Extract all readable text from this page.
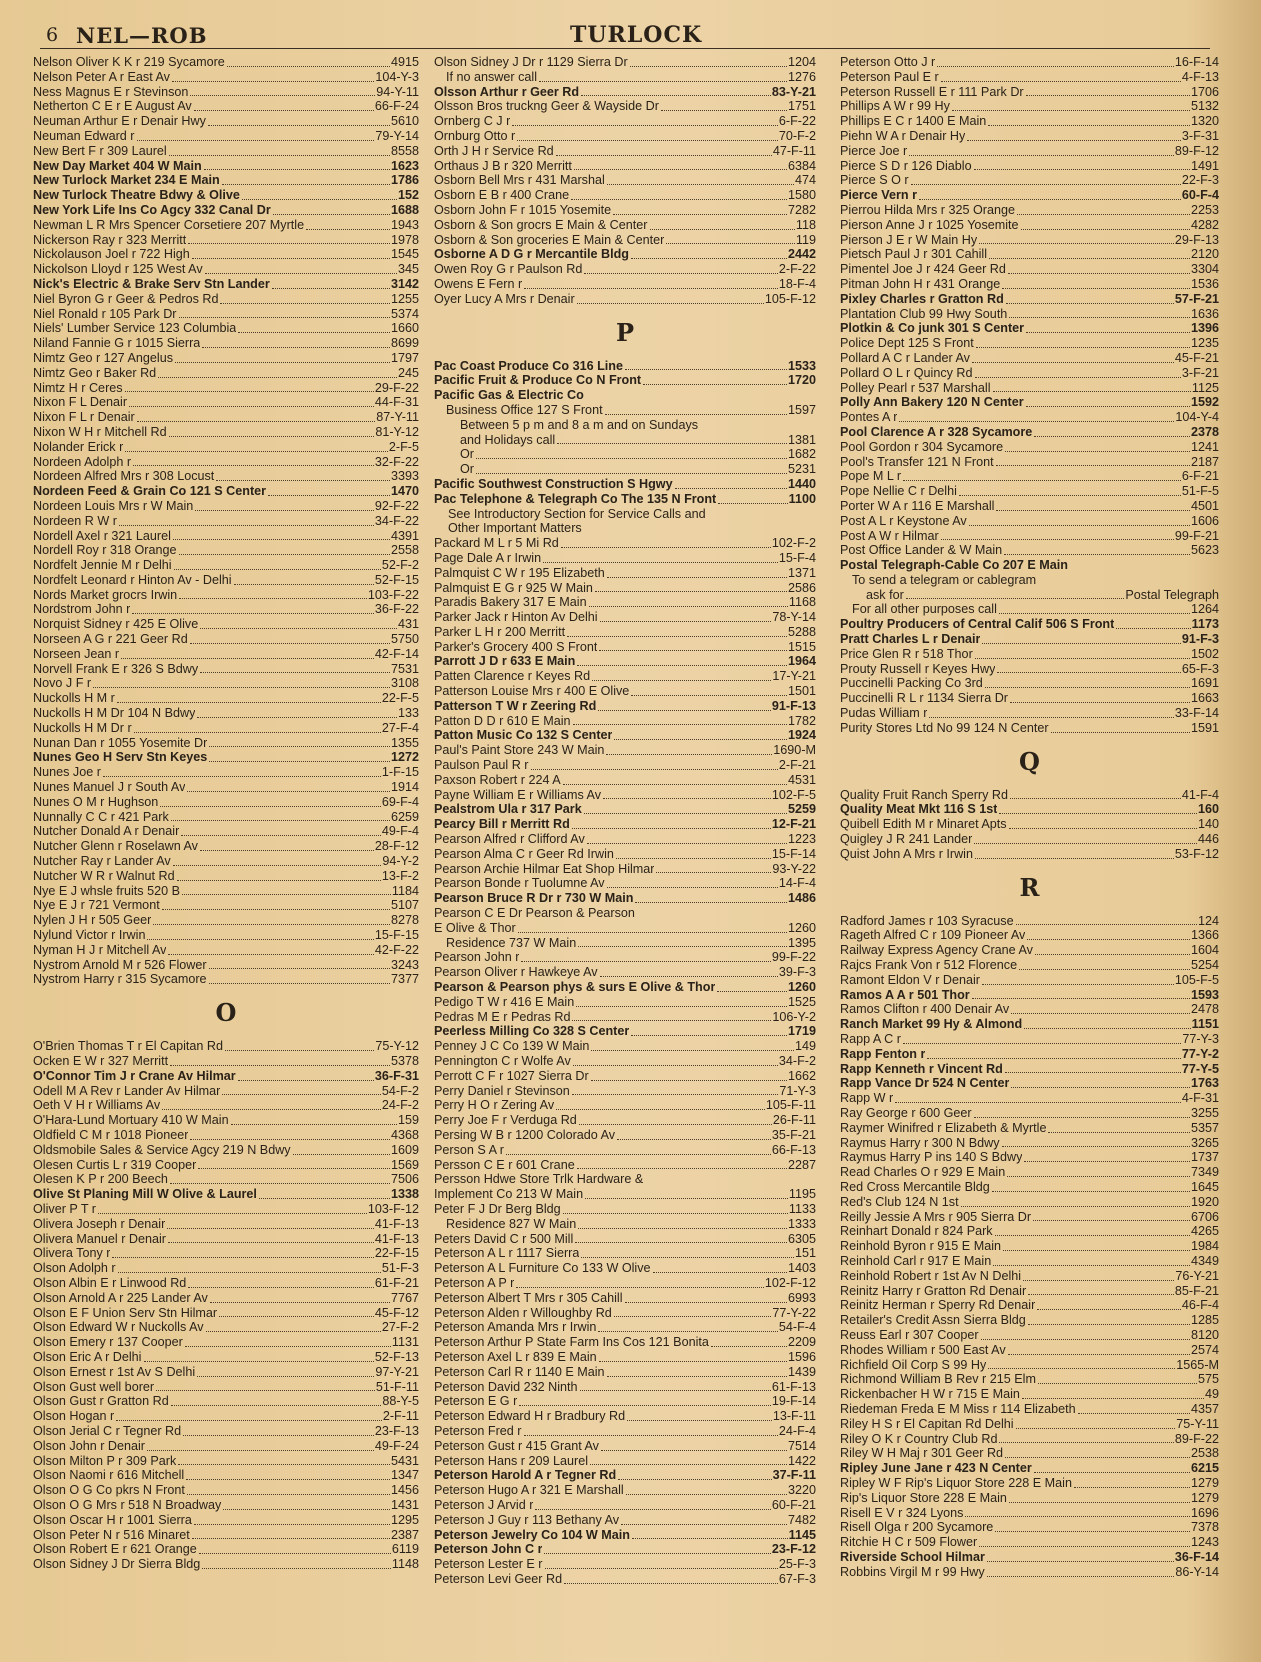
6 NEL—ROB	TURLOCK
Nelson Oliver K K r 219 Sycamore	4915
Nelson Peter A r East Av	104-Y-3
Ness Magnus E r Stevinson	94-Y-11
Netherton C E r E August Av	66-F-24
Neuman Arthur E r Denair Hwy	5610
Neuman Edward r	79-Y-14
New Bert F r 309 Laurel	8558
New Day Market 404 W Main	1623
New Turlock Market 234 E Main	1786
New Turlock Theatre Bdwy & Olive	152
New York Life Ins Co Agcy 332 Canal Dr	1688
Newman L R Mrs Spencer Corsetiere 207 Myrtle	1943
Nickerson Ray r 323 Merritt	1978
Nickolauson Joel r 722 High	1545
Nickolson Lloyd r 125 West Av	345
Nick's Electric & Brake Serv Stn Lander	3142
Niel Byron G r Geer & Pedros Rd	1255
Niel Ronald r 105 Park Dr	5374
Niels' Lumber Service 123 Columbia	1660
Niland Fannie G r 1015 Sierra	8699
Nimtz Geo r 127 Angelus	1797
Nimtz Geo r Baker Rd	245
Nimtz H r Ceres	29-F-22
Nixon F L Denair	44-F-31
Nixon F L r Denair	87-Y-11
Nixon W H r Mitchell Rd	81-Y-12
Nolander Erick r	2-F-5
Nordeen Adolph r	32-F-22
Nordeen Alfred Mrs r 308 Locust	3393
Nordeen Feed & Grain Co 121 S Center	1470
Nordeen Louis Mrs r W Main	92-F-22
Nordeen R W r	34-F-22
Nordell Axel r 321 Laurel	4391
Nordell Roy r 318 Orange	2558
Nordfelt Jennie M r Delhi	52-F-2
Nordfelt Leonard r Hinton Av - Delhi	52-F-15
Nords Market grocrs Irwin	103-F-22
Nordstrom John r	36-F-22
Norquist Sidney r 425 E Olive	431
Norseen A G r 221 Geer Rd	5750
Norseen Jean r	42-F-14
Norvell Frank E r 326 S Bdwy	7531
Novo J F r	3108
Nuckolls H M r	22-F-5
Nuckolls H M Dr 104 N Bdwy	133
Nuckolls H M Dr r	27-F-4
Nunan Dan r 1055 Yosemite Dr	1355
Nunes Geo H Serv Stn Keyes	1272
Nunes Joe r	1-F-15
Nunes Manuel J r South Av	1914
Nunes O M r Hughson	69-F-4
Nunnally C C r 421 Park	6259
Nutcher Donald A r Denair	49-F-4
Nutcher Glenn r Roselawn Av	28-F-12
Nutcher Ray r Lander Av	94-Y-2
Nutcher W R r Walnut Rd	13-F-2
Nye E J whsle fruits 520 B	1184
Nye E J r 721 Vermont	5107
Nylen J H r 505 Geer	8278
Nylund Victor r Irwin	15-F-15
Nyman H J r Mitchell Av	42-F-22
Nystrom Arnold M r 526 Flower	3243
Nystrom Harry r 315 Sycamore	7377
O
O'Brien Thomas T r El Capitan Rd	75-Y-12
Ocken E W r 327 Merritt	5378
O'Connor Tim J r Crane Av Hilmar	36-F-31
Odell M A Rev r Lander Av Hilmar	54-F-2
Oeth V H r Williams Av	24-F-2
O'Hara-Lund Mortuary 410 W Main	159
Oldfield C M r 1018 Pioneer	4368
Oldsmobile Sales & Service Agcy 219 N Bdwy	1609
Olesen Curtis L r 319 Cooper	1569
Olesen K P r 200 Beech	7506
Olive St Planing Mill W Olive & Laurel	1338
Oliver P T r	103-F-12
Olivera Joseph r Denair	41-F-13
Olivera Manuel r Denair	41-F-13
Olivera Tony r	22-F-15
Olson Adolph r	51-F-3
Olson Albin E r Linwood Rd	61-F-21
Olson Arnold A r 225 Lander Av	7767
Olson E F Union Serv Stn Hilmar	45-F-12
Olson Edward W r Nuckolls Av	27-F-2
Olson Emery r 137 Cooper	1131
Olson Eric A r Delhi	52-F-13
Olson Ernest r 1st Av S Delhi	97-Y-21
Olson Gust well borer	51-F-11
Olson Gust r Gratton Rd	88-Y-5
Olson Hogan r	2-F-11
Olson Jerial C r Tegner Rd	23-F-13
Olson John r Denair	49-F-24
Olson Milton P r 309 Park	5431
Olson Naomi r 616 Mitchell	1347
Olson O G Co pkrs N Front	1456
Olson O G Mrs r 518 N Broadway	1431
Olson Oscar H r 1001 Sierra	1295
Olson Peter N r 516 Minaret	2387
Olson Robert E r 621 Orange	6119
Olson Sidney J Dr Sierra Bldg	1148
Olson Sidney J Dr r 1129 Sierra Dr	1204
If no answer call	1276
Olsson Arthur r Geer Rd	83-Y-21
Olsson Bros truckng Geer & Wayside Dr	1751
Ornberg C J r	6-F-22
Ornburg Otto r	70-F-2
Orth J H r Service Rd	47-F-11
Orthaus J B r 320 Merritt	6384
Osborn Bell Mrs r 431 Marshal	474
Osborn E B r 400 Crane	1580
Osborn John F r 1015 Yosemite	7282
Osborn & Son grocrs E Main & Center	118
Osborn & Son groceries E Main & Center	119
Osborne A D G r Mercantile Bldg	2442
Owen Roy G r Paulson Rd	2-F-22
Owens E Fern r	18-F-4
Oyer Lucy A Mrs r Denair	105-F-12
P
Pac Coast Produce Co 316 Line	1533
Pacific Fruit & Produce Co N Front	1720
Pacific Gas & Electric Co
Business Office 127 S Front	1597
Between 5 p m and 8 a m and on Sundays
and Holidays call	1381
Or	1682
Or	5231
Pacific Southwest Construction S Hgwy	1440
Pac Telephone & Telegraph Co The 135 N Front	1100
See Introductory Section for Service Calls and
Other Important Matters
Packard M L r 5 Mi Rd	102-F-2
Page Dale A r Irwin	15-F-4
Palmquist C W r 195 Elizabeth	1371
Palmquist E G r 925 W Main	2586
Paradis Bakery 317 E Main	1168
Parker Jack r Hinton Av Delhi	78-Y-14
Parker L H r 200 Merritt	5288
Parker's Grocery 400 S Front	1515
Parrott J D r 633 E Main	1964
Patten Clarence r Keyes Rd	17-Y-21
Patterson Louise Mrs r 400 E Olive	1501
Patterson T W r Zeering Rd	91-F-13
Patton D D r 610 E Main	1782
Patton Music Co 132 S Center	1924
Paul's Paint Store 243 W Main	1690-M
Paulson Paul R r	2-F-21
Paxson Robert r 224 A	4531
Payne William E r Williams Av	102-F-5
Pealstrom Ula r 317 Park	5259
Pearcy Bill r Merritt Rd	12-F-21
Pearson Alfred r Clifford Av	1223
Pearson Alma C r Geer Rd Irwin	15-F-14
Pearson Archie Hilmar Eat Shop Hilmar	93-Y-22
Pearson Bonde r Tuolumne Av	14-F-4
Pearson Bruce R Dr r 730 W Main	1486
Pearson C E Dr Pearson & Pearson
E Olive & Thor	1260
Residence 737 W Main	1395
Pearson John r	99-F-22
Pearson Oliver r Hawkeye Av	39-F-3
Pearson & Pearson phys & surs E Olive & Thor	1260
Pedigo T W r 416 E Main	1525
Pedras M E r Pedras Rd	106-Y-2
Peerless Milling Co 328 S Center	1719
Penney J C Co 139 W Main	149
Pennington C r Wolfe Av	34-F-2
Perrott C F r 1027 Sierra Dr	1662
Perry Daniel r Stevinson	71-Y-3
Perry H O r Zering Av	105-F-11
Perry Joe F r Verduga Rd	26-F-11
Persing W B r 1200 Colorado Av	35-F-21
Person S A r	66-F-13
Persson C E r 601 Crane	2287
Persson Hdwe Store Trlk Hardware &
Implement Co 213 W Main	1195
Peter F J Dr Berg Bldg	1133
Residence 827 W Main	1333
Peters David C r 500 Mill	6305
Peterson A L r 1117 Sierra	151
Peterson A L Furniture Co 133 W Olive	1403
Peterson A P r	102-F-12
Peterson Albert T Mrs r 305 Cahill	6993
Peterson Alden r Willoughby Rd	77-Y-22
Peterson Amanda Mrs r Irwin	54-F-4
Peterson Arthur P State Farm Ins Cos 121 Bonita	2209
Peterson Axel L r 839 E Main	1596
Peterson Carl R r 1140 E Main	1439
Peterson David 232 Ninth	61-F-13
Peterson E G r	19-F-14
Peterson Edward H r Bradbury Rd	13-F-11
Peterson Fred r	24-F-4
Peterson Gust r 415 Grant Av	7514
Peterson Hans r 209 Laurel	1422
Peterson Harold A r Tegner Rd	37-F-11
Peterson Hugo A r 321 E Marshall	3220
Peterson J Arvid r	60-F-21
Peterson J Guy r 113 Bethany Av	7482
Peterson Jewelry Co 104 W Main	1145
Peterson John C r	23-F-12
Peterson Lester E r	25-F-3
Peterson Levi Geer Rd	67-F-3
Peterson Otto J r	16-F-14
Peterson Paul E r	4-F-13
Peterson Russell E r 111 Park Dr	1706
Phillips A W r 99 Hy	5132
Phillips E C r 1400 E Main	1320
Piehn W A r Denair Hy	3-F-31
Pierce Joe r	89-F-12
Pierce S D r 126 Diablo	1491
Pierce S O r	22-F-3
Pierce Vern r	60-F-4
Pierrou Hilda Mrs r 325 Orange	2253
Pierson Anne J r 1025 Yosemite	4282
Pierson J E r W Main Hy	29-F-13
Pietsch Paul J r 301 Cahill	2120
Pimentel Joe J r 424 Geer Rd	3304
Pitman John H r 431 Orange	1536
Pixley Charles r Gratton Rd	57-F-21
Plantation Club 99 Hwy South	1636
Plotkin & Co junk 301 S Center	1396
Police Dept 125 S Front	1235
Pollard A C r Lander Av	45-F-21
Pollard O L r Quincy Rd	3-F-21
Polley Pearl r 537 Marshall	1125
Polly Ann Bakery 120 N Center	1592
Pontes A r	104-Y-4
Pool Clarence A r 328 Sycamore	2378
Pool Gordon r 304 Sycamore	1241
Pool's Transfer 121 N Front	2187
Pope M L r	6-F-21
Pope Nellie C r Delhi	51-F-5
Porter W A r 116 E Marshall	4501
Post A L r Keystone Av	1606
Post A W r Hilmar	99-F-21
Post Office Lander & W Main	5623
Postal Telegraph-Cable Co 207 E Main
To send a telegram or cablegram
ask for	Postal Telegraph
For all other purposes call	1264
Poultry Producers of Central Calif 506 S Front	1173
Pratt Charles L r Denair	91-F-3
Price Glen R r 518 Thor	1502
Prouty Russell r Keyes Hwy	65-F-3
Puccinelli Packing Co 3rd	1691
Puccinelli R L r 1134 Sierra Dr	1663
Pudas William r	33-F-14
Purity Stores Ltd No 99 124 N Center	1591
Q
Quality Fruit Ranch Sperry Rd	41-F-4
Quality Meat Mkt 116 S 1st	160
Quibell Edith M r Minaret Apts	140
Quigley J R 241 Lander	446
Quist John A Mrs r Irwin	53-F-12
R
Radford James r 103 Syracuse	124
Rageth Alfred C r 109 Pioneer Av	1366
Railway Express Agency Crane Av	1604
Rajcs Frank Von r 512 Florence	5254
Ramont Eldon V r Denair	105-F-5
Ramos A A r 501 Thor	1593
Ramos Clifton r 400 Denair Av	2478
Ranch Market 99 Hy & Almond	1151
Rapp A C r	77-Y-3
Rapp Fenton r	77-Y-2
Rapp Kenneth r Vincent Rd	77-Y-5
Rapp Vance Dr 524 N Center	1763
Rapp W r	4-F-31
Ray George r 600 Geer	3255
Raymer Winifred r Elizabeth & Myrtle	5357
Raymus Harry r 300 N Bdwy	3265
Raymus Harry P ins 140 S Bdwy	1737
Read Charles O r 929 E Main	7349
Red Cross Mercantile Bldg	1645
Red's Club 124 N 1st	1920
Reilly Jessie A Mrs r 905 Sierra Dr	6706
Reinhart Donald r 824 Park	4265
Reinhold Byron r 915 E Main	1984
Reinhold Carl r 917 E Main	4349
Reinhold Robert r 1st Av N Delhi	76-Y-21
Reinitz Harry r Gratton Rd Denair	85-F-21
Reinitz Herman r Sperry Rd Denair	46-F-4
Retailer's Credit Assn Sierra Bldg	1285
Reuss Earl r 307 Cooper	8120
Rhodes William r 500 East Av	2574
Richfield Oil Corp S 99 Hy	1565-M
Richmond William B Rev r 215 Elm	575
Rickenbacher H W r 715 E Main	49
Riedeman Freda E M Miss r 114 Elizabeth	4357
Riley H S r El Capitan Rd Delhi	75-Y-11
Riley O K r Country Club Rd	89-F-22
Riley W H Maj r 301 Geer Rd	2538
Ripley June Jane r 423 N Center	6215
Ripley W F Rip's Liquor Store 228 E Main	1279
Rip's Liquor Store 228 E Main	1279
Risell E V r 324 Lyons	1696
Risell Olga r 200 Sycamore	7378
Ritchie H C r 509 Flower	1243
Riverside School Hilmar	36-F-14
Robbins Virgil M r 99 Hwy	86-Y-14
